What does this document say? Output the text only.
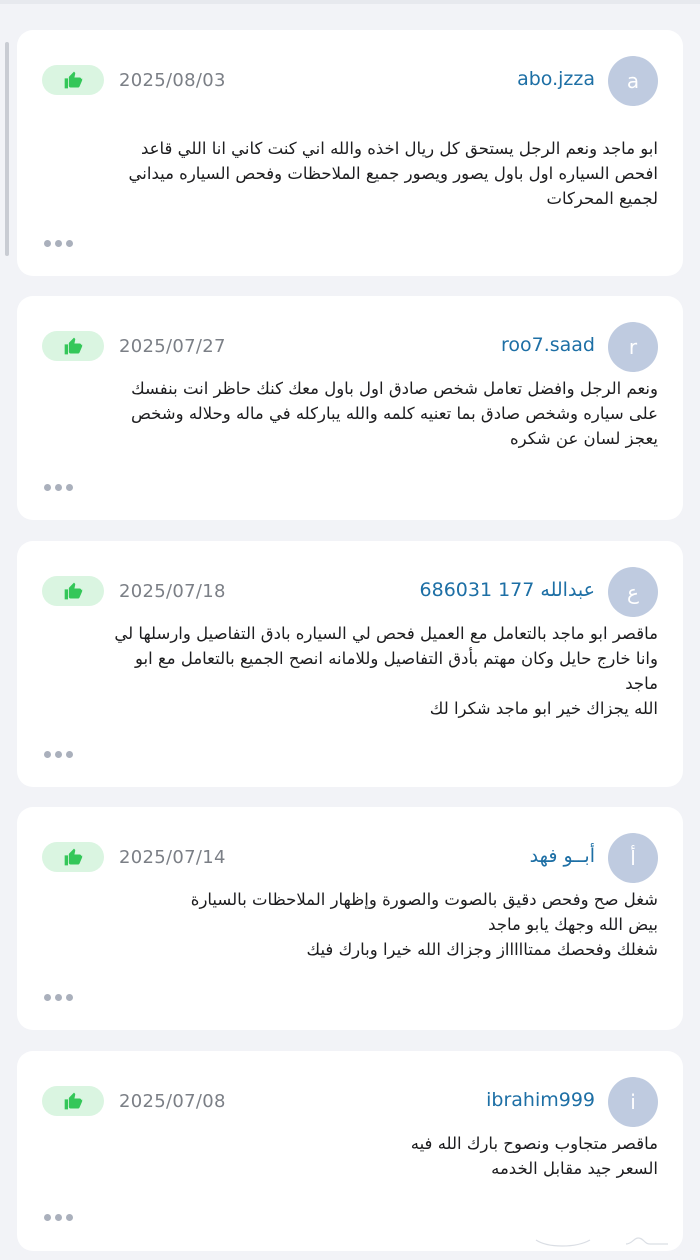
a
abo.jzza
2025/08/03
ابو ماجد ونعم الرجل يستحق كل ريال اخذه والله اني كنت كاني انا اللي قاعد
افحص السياره اول باول يصور ويصور جميع الملاحظات وفحص السياره ميداني
لجميع المحركات
r
roo7.saad
2025/07/27
ونعم الرجل وافضل تعامل شخص صادق اول باول معك كنك حاظر انت بنفسك
على سياره وشخص صادق بما تعنيه كلمه والله يباركله في ماله وحلاله وشخص
يعجز لسان عن شكره
ع
عبدالله 177 686031
2025/07/18
ماقصر ابو ماجد بالتعامل مع العميل فحص لي السياره بادق التفاصيل وارسلها لي
وانا خارج حايل وكان مهتم بأدق التفاصيل وللامانه انصح الجميع بالتعامل مع ابو
ماجد
الله يجزاك خير ابو ماجد شكرا لك
أ
أبــو فهد
2025/07/14
شغل صح وفحص دقيق بالصوت والصورة وإظهار الملاحظات بالسيارة
بيض الله وجهك يابو ماجد
شغلك وفحصك ممتاااااز وجزاك الله خيرا وبارك فيك
i
ibrahim999
2025/07/08
ماقصر متجاوب ونصوح بارك الله فيه
السعر جيد مقابل الخدمه
